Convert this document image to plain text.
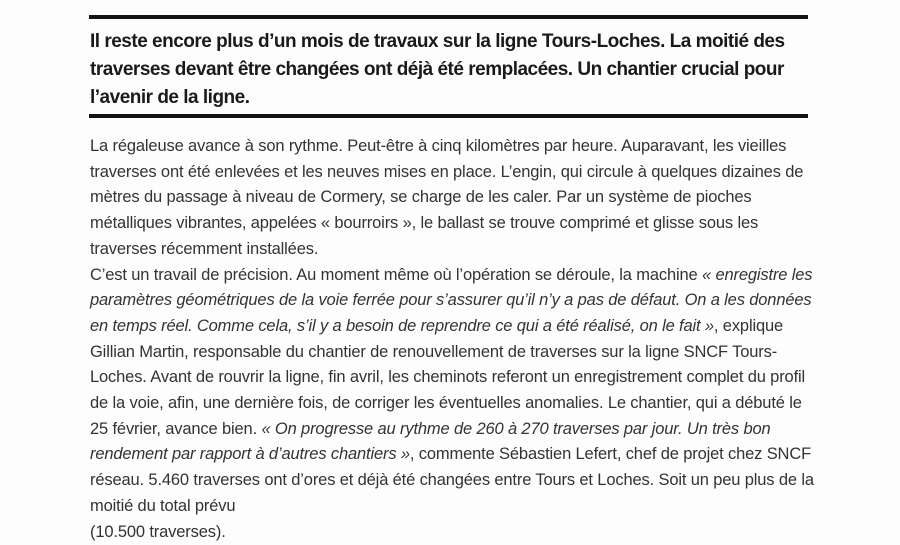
Il reste encore plus d’un mois de travaux sur la ligne Tours-Loches. La moitié des
traverses devant être changées ont déjà été remplacées. Un chantier crucial pour
l’avenir de la ligne.

La régaleuse avance à son rythme. Peut-être à cinq kilomètres par heure. Auparavant, les vieilles traverses ont été enlevées et les neuves mises en place. L’engin, qui circule à quelques dizaines de mètres du passage à niveau de Cormery, se charge de les caler. Par un système de pioches métalliques vibrantes, appelées « bourroirs », le ballast se trouve comprimé et glisse sous les traverses récemment installées.

C’est un travail de précision. Au moment même où l’opération se déroule, la machine « enregistre les paramètres géométriques de la voie ferrée pour s’assurer qu’il n’y a pas de défaut. On a les données en temps réel. Comme cela, s’il y a besoin de reprendre ce qui a été réalisé, on le fait », explique Gillian Martin, responsable du chantier de renouvellement de traverses sur la ligne SNCF Tours-Loches. Avant de rouvrir la ligne, fin avril, les cheminots referont un enregistrement complet du profil de la voie, afin, une dernière fois, de corriger les éventuelles anomalies. Le chantier, qui a débuté le 25 février, avance bien. « On progresse au rythme de 260 à 270 traverses par jour. Un très bon rendement par rapport à d’autres chantiers », commente Sébastien Lefert, chef de projet chez SNCF réseau. 5.460 traverses ont d’ores et déjà été changées entre Tours et Loches. Soit un peu plus de la moitié du total prévu

(10.500 traverses).
